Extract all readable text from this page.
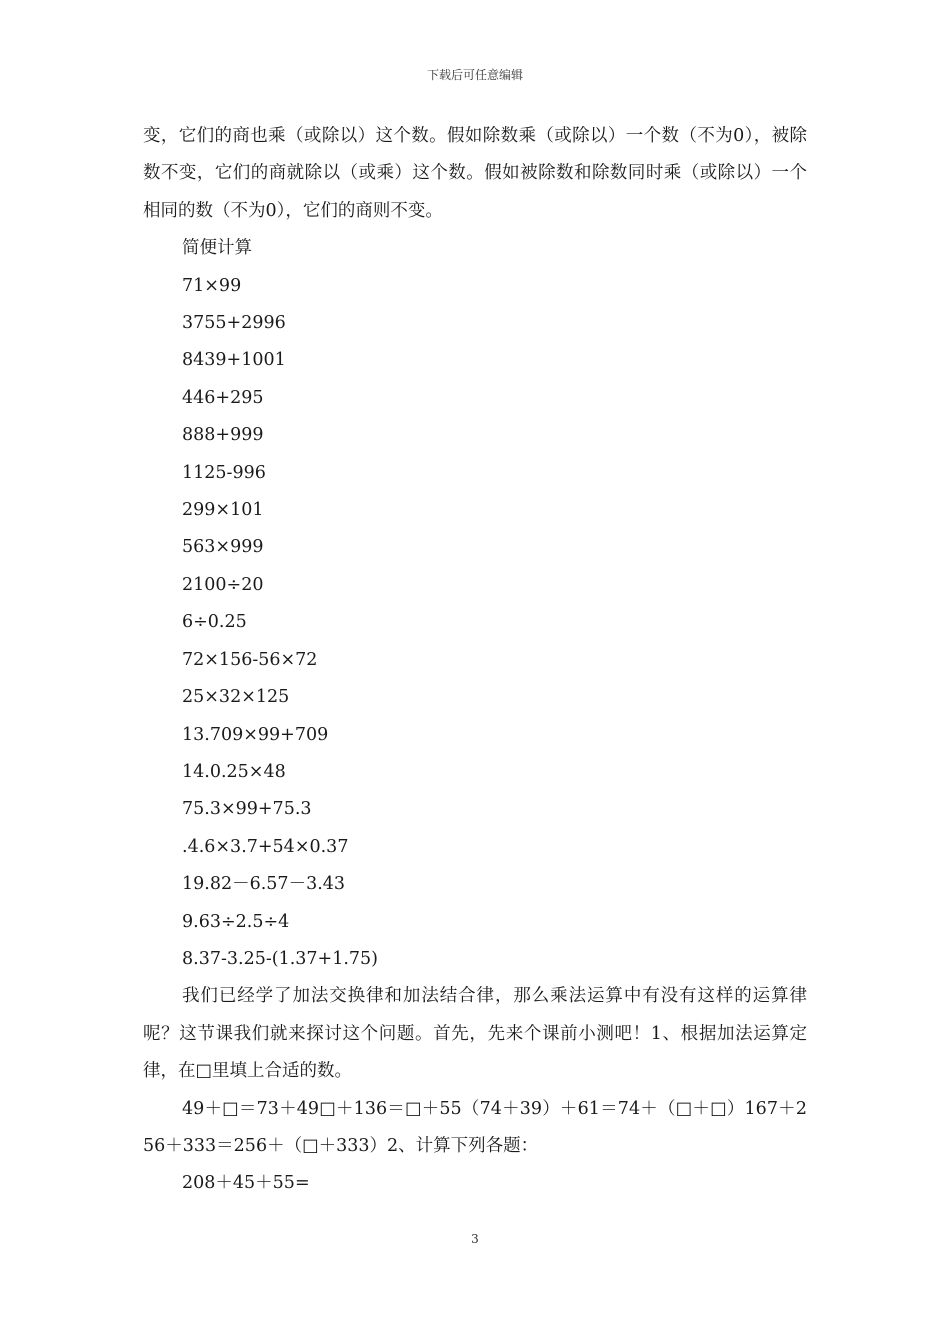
下载后可任意编辑

变，它们的商也乘（或除以）这个数。假如除数乘（或除以）一个数（不为0），被除数不变，它们的商就除以（或乘）这个数。假如被除数和除数同时乘（或除以）一个相同的数（不为0），它们的商则不变。

简便计算

71×99

3755+2996

8439+1001

446+295

888+999

1125-996

299×101

563×999

2100÷20

6÷0.25

72×156-56×72

25×32×125

13.709×99+709

14.0.25×48

75.3×99+75.3

.4.6×3.7+54×0.37

19.82－6.57－3.43

9.63÷2.5÷4

8.37-3.25-(1.37+1.75)

我们已经学了加法交换律和加法结合律，那么乘法运算中有没有这样的运算律呢？这节课我们就来探讨这个问题。首先，先来个课前小测吧！1、根据加法运算定律，在□里填上合适的数。

49＋□＝73＋49□＋136＝□＋55（74＋39）＋61＝74＋（□＋□）167＋256＋333＝256＋（□＋333）2、计算下列各题：

208＋45＋55=

3
